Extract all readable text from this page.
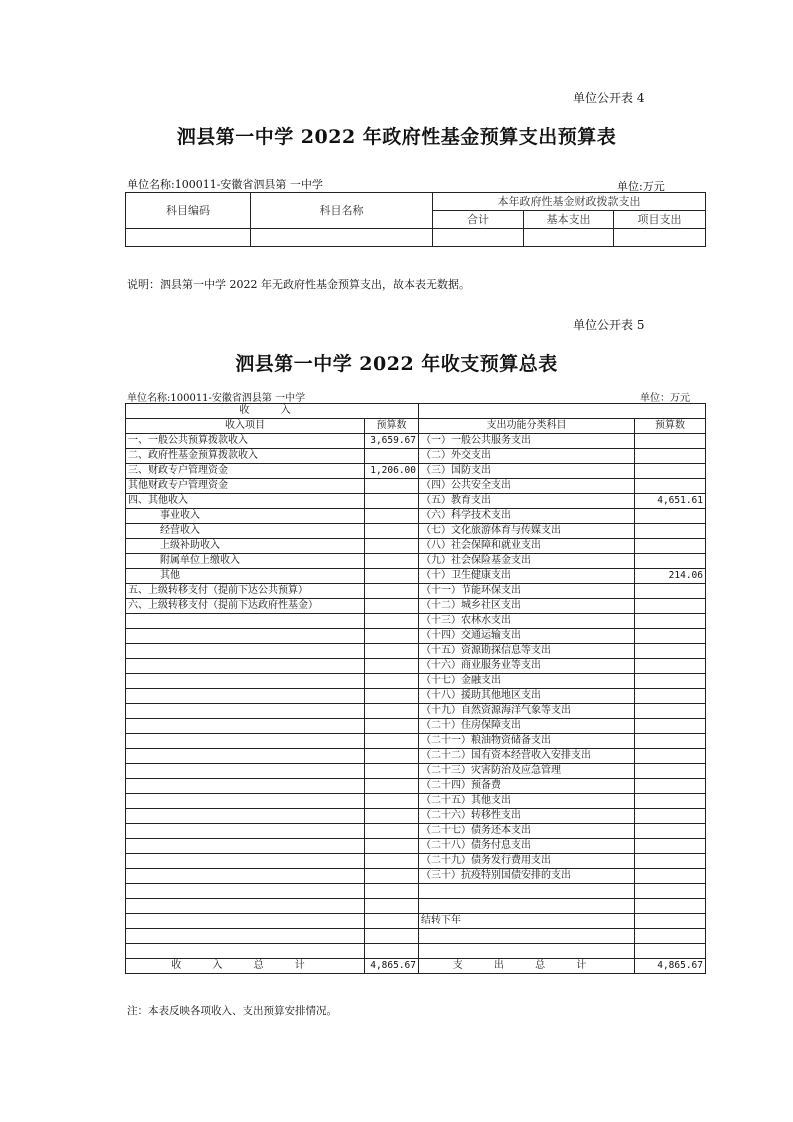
单位公开表 4
泗县第一中学 2022 年政府性基金预算支出预算表
单位名称:100011-安徽省泗县第 一中学	单位:万元
科目编码	科目名称	本年政府性基金财政拨款支出		
		合计	基本支出	项目支出

说明：泗县第一中学 2022 年无政府性基金预算支出，故本表无数据。
单位公开表 5
泗县第一中学 2022 年收支预算总表
单位名称:100011-安徽省泗县第 一中学	单位：万元
收 入			
收入项目	预算数	支出功能分类科目	预算数
一、一般公共预算拨款收入	3,659.67	（一）一般公共服务支出	
二、政府性基金预算拨款收入		（二）外交支出	
三、财政专户管理资金	1,206.00	（三）国防支出	
其他财政专户管理资金		（四）公共安全支出	
四、其他收入		（五）教育支出	4,651.61
事业收入		（六）科学技术支出	
经营收入		（七）文化旅游体育与传媒支出	
上级补助收入		（八）社会保障和就业支出	
附属单位上缴收入		（九）社会保险基金支出	
其他		（十）卫生健康支出	214.06
五、上级转移支付（提前下达公共预算）		（十一）节能环保支出	
六、上级转移支付（提前下达政府性基金）		（十二）城乡社区支出	
		（十三）农林水支出	
		（十四）交通运输支出	
		（十五）资源勘探信息等支出	
		（十六）商业服务业等支出	
		（十七）金融支出	
		（十八）援助其他地区支出	
		（十九）自然资源海洋气象等支出	
		（二十）住房保障支出	
		（二十一）粮油物资储备支出	
		（二十二）国有资本经营收入安排支出	
		（二十三）灾害防治及应急管理	
		（二十四）预备费	
		（二十五）其他支出	
		（二十六）转移性支出	
		（二十七）债务还本支出	
		（二十八）债务付息支出	
		（二十九）债务发行费用支出	
		（三十）抗疫特别国债安排的支出	

		结转下年	

收 入 总 计	4,865.67	支 出 总 计	4,865.67
注：本表反映各项收入、支出预算安排情况。
